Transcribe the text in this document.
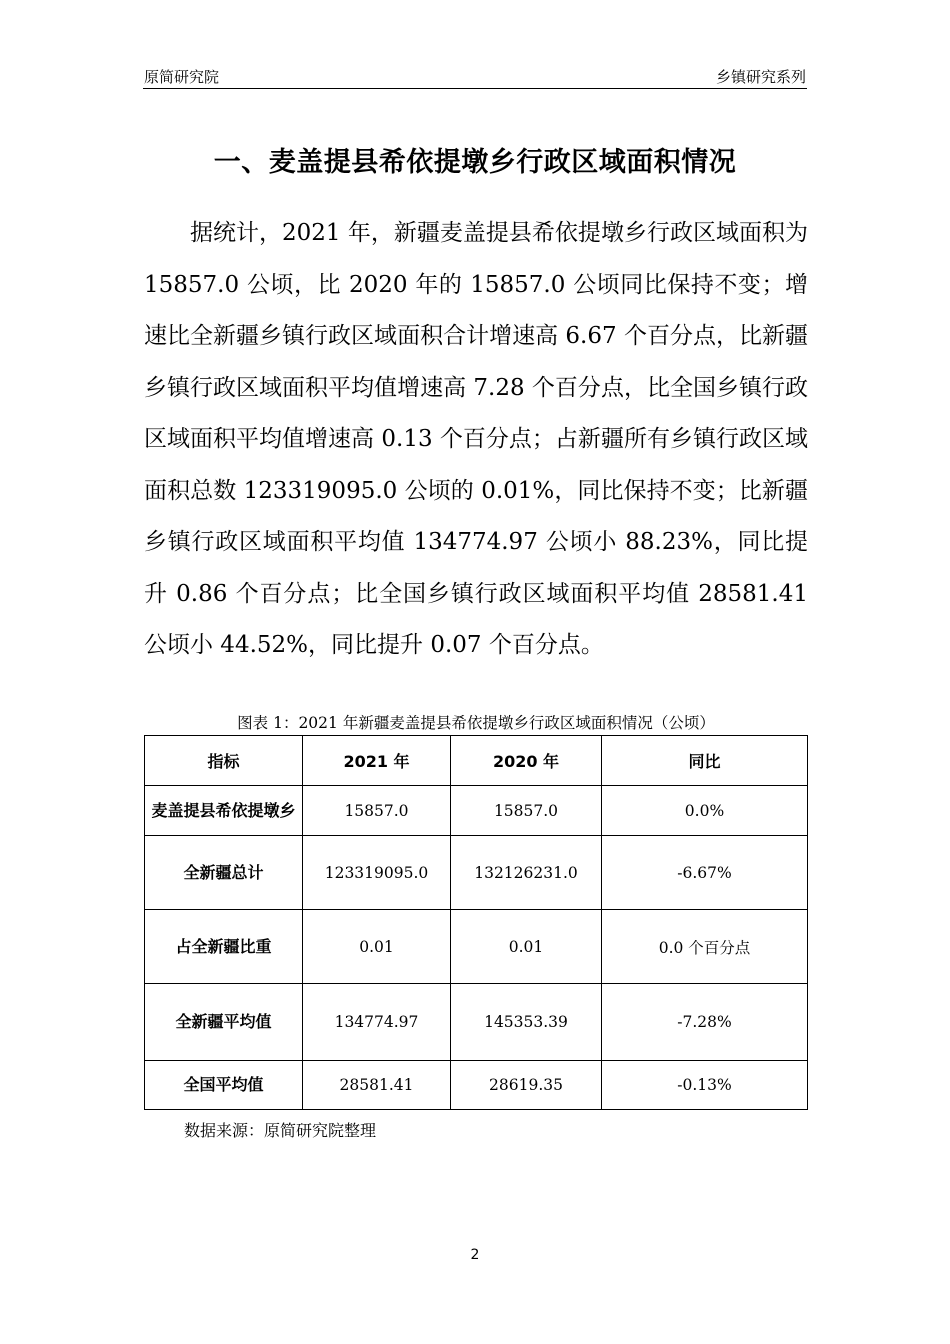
原简研究院	乡镇研究系列
一、麦盖提县希依提墩乡行政区域面积情况

据统计，2021 年，新疆麦盖提县希依提墩乡行政区域面积为 15857.0 公顷，比 2020 年的 15857.0 公顷同比保持不变；增速比全新疆乡镇行政区域面积合计增速高 6.67 个百分点，比新疆乡镇行政区域面积平均值增速高 7.28 个百分点，比全国乡镇行政区域面积平均值增速高 0.13 个百分点；占新疆所有乡镇行政区域面积总数 123319095.0 公顷的 0.01%，同比保持不变；比新疆乡镇行政区域面积平均值 134774.97 公顷小 88.23%，同比提升 0.86 个百分点；比全国乡镇行政区域面积平均值 28581.41 公顷小 44.52%，同比提升 0.07 个百分点。

图表 1：2021 年新疆麦盖提县希依提墩乡行政区域面积情况（公顷）
指标	2021 年	2020 年	同比
麦盖提县希依提墩乡	15857.0	15857.0	0.0%
全新疆总计	123319095.0	132126231.0	-6.67%
占全新疆比重	0.01	0.01	0.0 个百分点
全新疆平均值	134774.97	145353.39	-7.28%
全国平均值	28581.41	28619.35	-0.13%
数据来源：原简研究院整理
2
